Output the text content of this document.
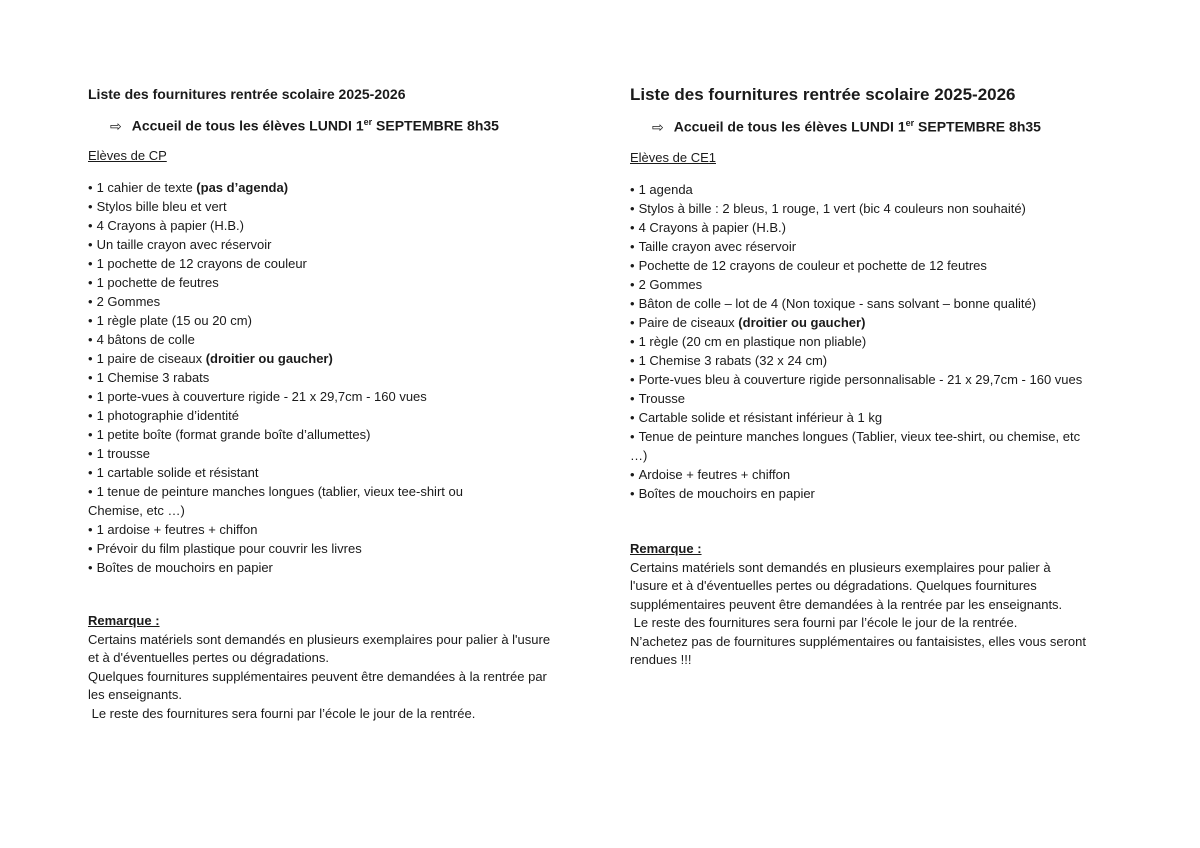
Liste des fournitures rentrée scolaire 2025-2026
⇨ Accueil de tous les élèves LUNDI 1er SEPTEMBRE 8h35
Elèves de CP
• 1 cahier de texte (pas d’agenda)
• Stylos bille bleu et vert
• 4 Crayons à papier (H.B.)
• Un taille crayon avec réservoir
• 1 pochette de 12 crayons de couleur
• 1 pochette de feutres
• 2 Gommes
• 1 règle plate (15 ou 20 cm)
• 4 bâtons de colle
• 1 paire de ciseaux (droitier ou gaucher)
• 1 Chemise 3 rabats
• 1 porte-vues à couverture rigide - 21 x 29,7cm - 160 vues
• 1 photographie d’identité
• 1 petite boîte (format grande boîte d’allumettes)
• 1 trousse
• 1 cartable solide et résistant
• 1 tenue de peinture manches longues (tablier, vieux tee-shirt ou Chemise, etc …)
• 1 ardoise + feutres + chiffon
• Prévoir du film plastique pour couvrir les livres
• Boîtes de mouchoirs en papier
Remarque :

Certains matériels sont demandés en plusieurs exemplaires pour palier à l'usure et à d'éventuelles pertes ou dégradations.

Quelques fournitures supplémentaires peuvent être demandées à la rentrée par les enseignants.

Le reste des fournitures sera fourni par l’école le jour de la rentrée.

Liste des fournitures rentrée scolaire 2025-2026
⇨ Accueil de tous les élèves LUNDI 1er SEPTEMBRE 8h35
Elèves de CE1
• 1 agenda
• Stylos à bille : 2 bleus, 1 rouge, 1 vert (bic 4 couleurs non souhaité)
• 4 Crayons à papier (H.B.)
• Taille crayon avec réservoir
• Pochette de 12 crayons de couleur et pochette de 12 feutres
• 2 Gommes
• Bâton de colle – lot de 4 (Non toxique - sans solvant – bonne qualité)
• Paire de ciseaux (droitier ou gaucher)
• 1 règle (20 cm en plastique non pliable)
• 1 Chemise 3 rabats (32 x 24 cm)
• Porte-vues bleu à couverture rigide personnalisable - 21 x 29,7cm - 160 vues
• Trousse
• Cartable solide et résistant inférieur à 1 kg
• Tenue de peinture manches longues (Tablier, vieux tee-shirt, ou chemise, etc …)
• Ardoise + feutres + chiffon
• Boîtes de mouchoirs en papier
Remarque :

Certains matériels sont demandés en plusieurs exemplaires pour palier à l'usure et à d'éventuelles pertes ou dégradations. Quelques fournitures supplémentaires peuvent être demandées à la rentrée par les enseignants.

Le reste des fournitures sera fourni par l’école le jour de la rentrée.

N’achetez pas de fournitures supplémentaires ou fantaisistes, elles vous seront rendues !!!
